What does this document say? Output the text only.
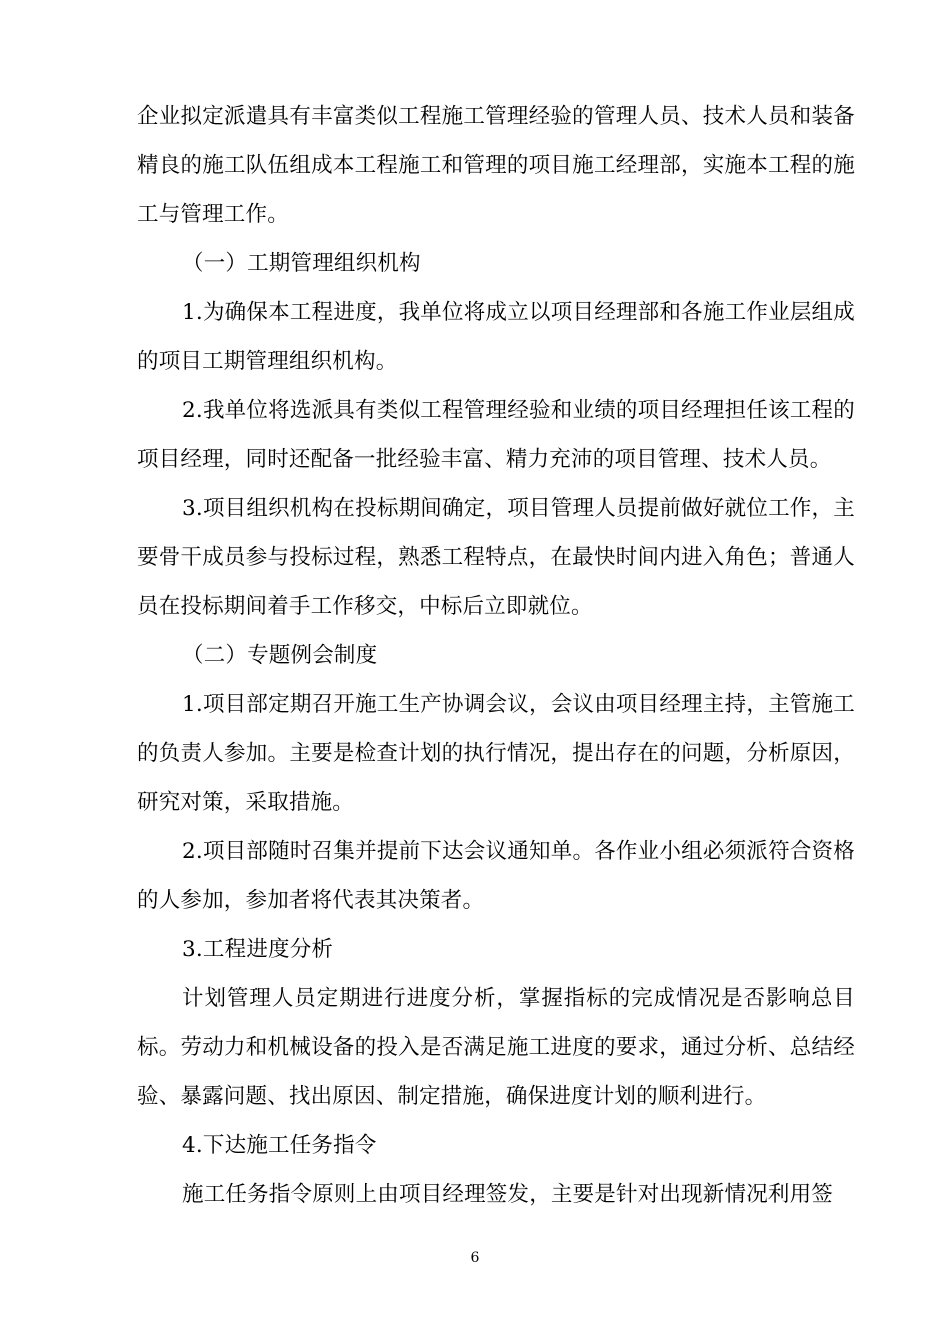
企业拟定派遣具有丰富类似工程施工管理经验的管理人员、技术人员和装备精良的施工队伍组成本工程施工和管理的项目施工经理部，实施本工程的施工与管理工作。

（一）工期管理组织机构

1.为确保本工程进度，我单位将成立以项目经理部和各施工作业层组成的项目工期管理组织机构。

2.我单位将选派具有类似工程管理经验和业绩的项目经理担任该工程的项目经理，同时还配备一批经验丰富、精力充沛的项目管理、技术人员。

3.项目组织机构在投标期间确定，项目管理人员提前做好就位工作，主要骨干成员参与投标过程，熟悉工程特点，在最快时间内进入角色；普通人员在投标期间着手工作移交，中标后立即就位。

（二）专题例会制度

1.项目部定期召开施工生产协调会议，会议由项目经理主持，主管施工的负责人参加。主要是检查计划的执行情况，提出存在的问题，分析原因，研究对策，采取措施。

2.项目部随时召集并提前下达会议通知单。各作业小组必须派符合资格的人参加，参加者将代表其决策者。

3.工程进度分析

计划管理人员定期进行进度分析，掌握指标的完成情况是否影响总目标。劳动力和机械设备的投入是否满足施工进度的要求，通过分析、总结经验、暴露问题、找出原因、制定措施，确保进度计划的顺利进行。

4.下达施工任务指令

施工任务指令原则上由项目经理签发，主要是针对出现新情况利用签

6
